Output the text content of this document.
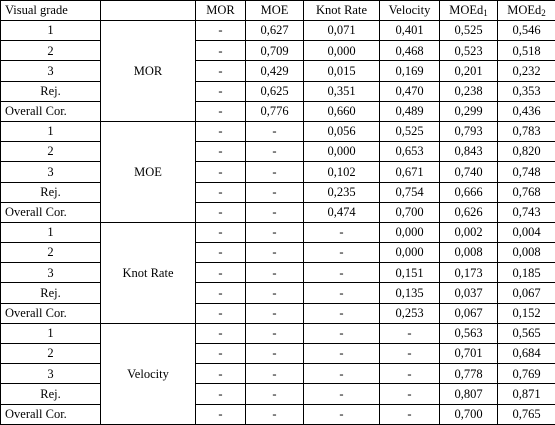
Visual grade		MOR	MOE	Knot Rate	Velocity	MOEd$_1$	MOEd$_2$
1	MOR	-	0,627	0,071	0,401	0,525	0,546
2		-	0,709	0,000	0,468	0,523	0,518
3		-	0,429	0,015	0,169	0,201	0,232
Rej.		-	0,625	0,351	0,470	0,238	0,353
Overall Cor.		-	0,776	0,660	0,489	0,299	0,436
1	MOE	-	-	0,056	0,525	0,793	0,783
2		-	-	0,000	0,653	0,843	0,820
3		-	-	0,102	0,671	0,740	0,748
Rej.		-	-	0,235	0,754	0,666	0,768
Overall Cor.		-	-	0,474	0,700	0,626	0,743
1	Knot Rate	-	-	-	0,000	0,002	0,004
2		-	-	-	0,000	0,008	0,008
3		-	-	-	0,151	0,173	0,185
Rej.		-	-	-	0,135	0,037	0,067
Overall Cor.		-	-	-	0,253	0,067	0,152
1	Velocity	-	-	-	-	0,563	0,565
2		-	-	-	-	0,701	0,684
3		-	-	-	-	0,778	0,769
Rej.		-	-	-	-	0,807	0,871
Overall Cor.		-	-	-	-	0,700	0,765
